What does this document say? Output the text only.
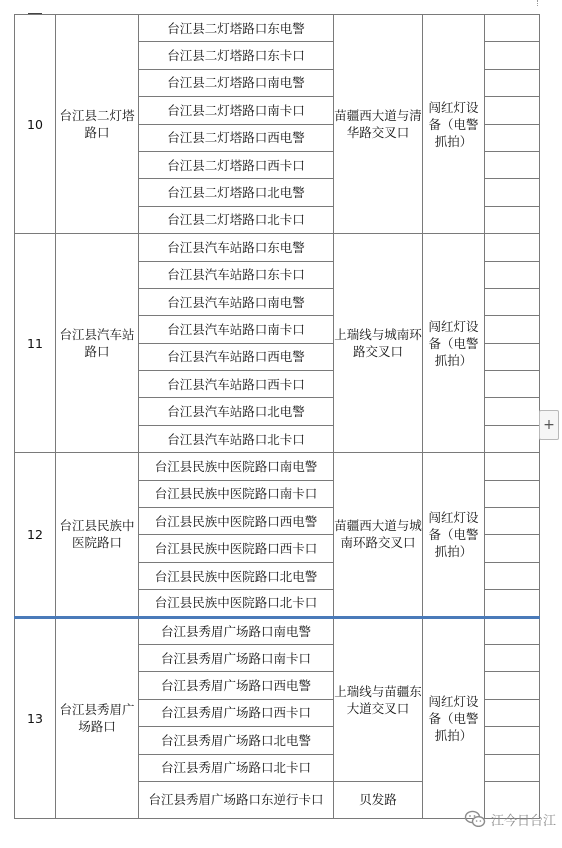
10	台江县二灯塔路口	台江县二灯塔路口东电警	苗疆西大道与清华路交叉口	闯红灯设备（电警抓拍）	
		台江县二灯塔路口东卡口			
		台江县二灯塔路口南电警			
		台江县二灯塔路口南卡口			
		台江县二灯塔路口西电警			
		台江县二灯塔路口西卡口			
		台江县二灯塔路口北电警			
		台江县二灯塔路口北卡口			
11	台江县汽车站路口	台江县汽车站路口东电警	上瑞线与城南环路交叉口	闯红灯设备（电警抓拍）	
		台江县汽车站路口东卡口			
		台江县汽车站路口南电警			
		台江县汽车站路口南卡口			
		台江县汽车站路口西电警			
		台江县汽车站路口西卡口			
		台江县汽车站路口北电警			
		台江县汽车站路口北卡口			
12	台江县民族中医院路口	台江县民族中医院路口南电警	苗疆西大道与城南环路交叉口	闯红灯设备（电警抓拍）	
		台江县民族中医院路口南卡口			
		台江县民族中医院路口西电警			
		台江县民族中医院路口西卡口			
		台江县民族中医院路口北电警			
		台江县民族中医院路口北卡口			
13	台江县秀眉广场路口	台江县秀眉广场路口南电警	上瑞线与苗疆东大道交叉口	闯红灯设备（电警抓拍）	
		台江县秀眉广场路口南卡口			
		台江县秀眉广场路口西电警			
		台江县秀眉广场路口西卡口			
		台江县秀眉广场路口北电警			
		台江县秀眉广场路口北卡口			
		台江县秀眉广场路口东逆行卡口	贝发路		
+
江今日台江
